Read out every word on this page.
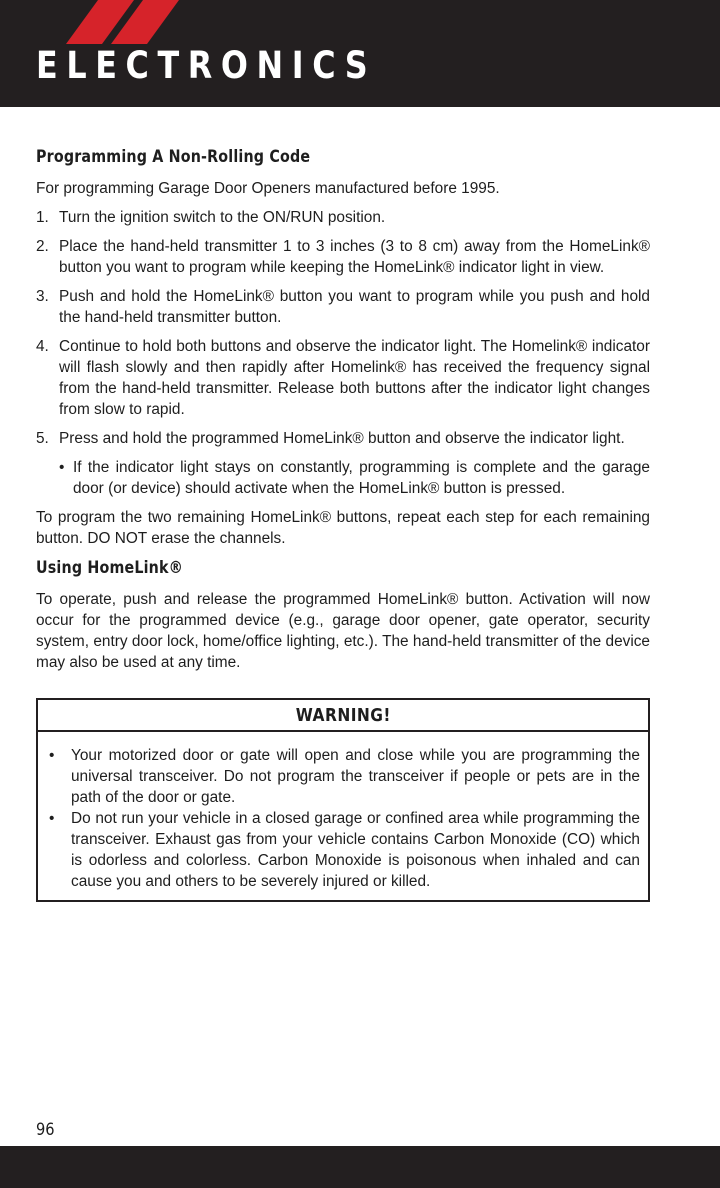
ELECTRONICS
Programming A Non-Rolling Code

For programming Garage Door Openers manufactured before 1995.

1. Turn the ignition switch to the ON/RUN position.
2. Place the hand-held transmitter 1 to 3 inches (3 to 8 cm) away from the HomeLink® button you want to program while keeping the HomeLink® indicator light in view.
3. Push and hold the HomeLink® button you want to program while you push and hold the hand-held transmitter button.
4. Continue to hold both buttons and observe the indicator light. The Homelink® indicator will flash slowly and then rapidly after Homelink® has received the frequency signal from the hand-held transmitter. Release both buttons after the indicator light changes from slow to rapid.
5. Press and hold the programmed HomeLink® button and observe the indicator light.
• If the indicator light stays on constantly, programming is complete and the garage door (or device) should activate when the HomeLink® button is pressed.

To program the two remaining HomeLink® buttons, repeat each step for each remaining button. DO NOT erase the channels.

Using HomeLink®

To operate, push and release the programmed HomeLink® button. Activation will now occur for the programmed device (e.g., garage door opener, gate operator, security system, entry door lock, home/office lighting, etc.). The hand-held transmitter of the device may also be used at any time.

WARNING!
• Your motorized door or gate will open and close while you are programming the universal transceiver. Do not program the transceiver if people or pets are in the path of the door or gate.
• Do not run your vehicle in a closed garage or confined area while programming the transceiver. Exhaust gas from your vehicle contains Carbon Monoxide (CO) which is odorless and colorless. Carbon Monoxide is poisonous when inhaled and can cause you and others to be severely injured or killed.
96
